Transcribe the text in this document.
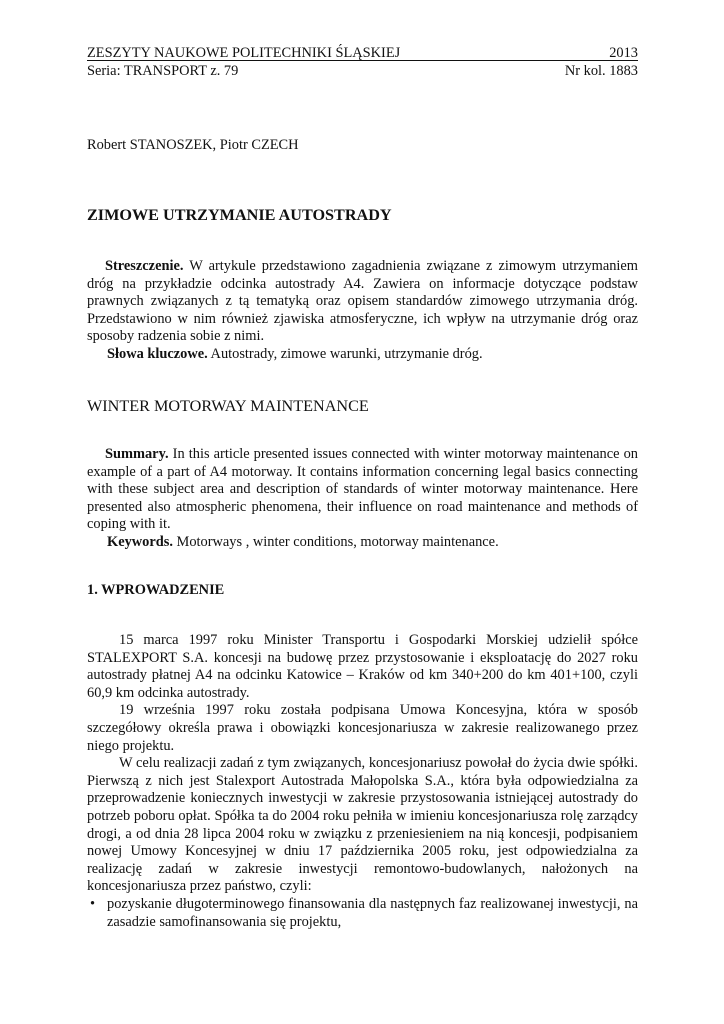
ZESZYTY NAUKOWE POLITECHNIKI ŚLĄSKIEJ	2013
Seria: TRANSPORT z. 79	Nr kol. 1883
Robert STANOSZEK, Piotr CZECH
ZIMOWE UTRZYMANIE AUTOSTRADY

Streszczenie. W artykule przedstawiono zagadnienia związane z zimowym utrzymaniem dróg na przykładzie odcinka autostrady A4. Zawiera on informacje dotyczące podstaw prawnych związanych z tą tematyką oraz opisem standardów zimowego utrzymania dróg. Przedstawiono w nim również zjawiska atmosferyczne, ich wpływ na utrzymanie dróg oraz sposoby radzenia sobie z nimi.

Słowa kluczowe. Autostrady, zimowe warunki, utrzymanie dróg.
WINTER MOTORWAY MAINTENANCE

Summary. In this article presented issues connected with winter motorway maintenance on example of a part of A4 motorway. It contains information concerning legal basics connecting with these subject area and description of standards of winter motorway maintenance. Here presented also atmospheric phenomena, their influence on road maintenance and methods of coping with it.

Keywords. Motorways , winter conditions, motorway maintenance.
1. WPROWADZENIE

15 marca 1997 roku Minister Transportu i Gospodarki Morskiej udzielił spółce STALEXPORT S.A. koncesji na budowę przez przystosowanie i eksploatację do 2027 roku autostrady płatnej A4 na odcinku Katowice – Kraków od km 340+200 do km 401+100, czyli 60,9 km odcinka autostrady.

19 września 1997 roku została podpisana Umowa Koncesyjna, która w sposób szczegółowy określa prawa i obowiązki koncesjonariusza w zakresie realizowanego przez niego projektu.

W celu realizacji zadań z tym związanych, koncesjonariusz powołał do życia dwie spółki. Pierwszą z nich jest Stalexport Autostrada Małopolska S.A., która była odpowiedzialna za przeprowadzenie koniecznych inwestycji w zakresie przystosowania istniejącej autostrady do potrzeb poboru opłat. Spółka ta do 2004 roku pełniła w imieniu koncesjonariusza rolę zarządcy drogi, a od dnia 28 lipca 2004 roku w związku z przeniesieniem na nią koncesji, podpisaniem nowej Umowy Koncesyjnej w dniu 17 października 2005 roku, jest odpowiedzialna za realizację zadań w zakresie inwestycji remontowo-budowlanych, nałożonych na koncesjonariusza przez państwo, czyli:

• pozyskanie długoterminowego finansowania dla następnych faz realizowanej inwestycji, na zasadzie samofinansowania się projektu,
